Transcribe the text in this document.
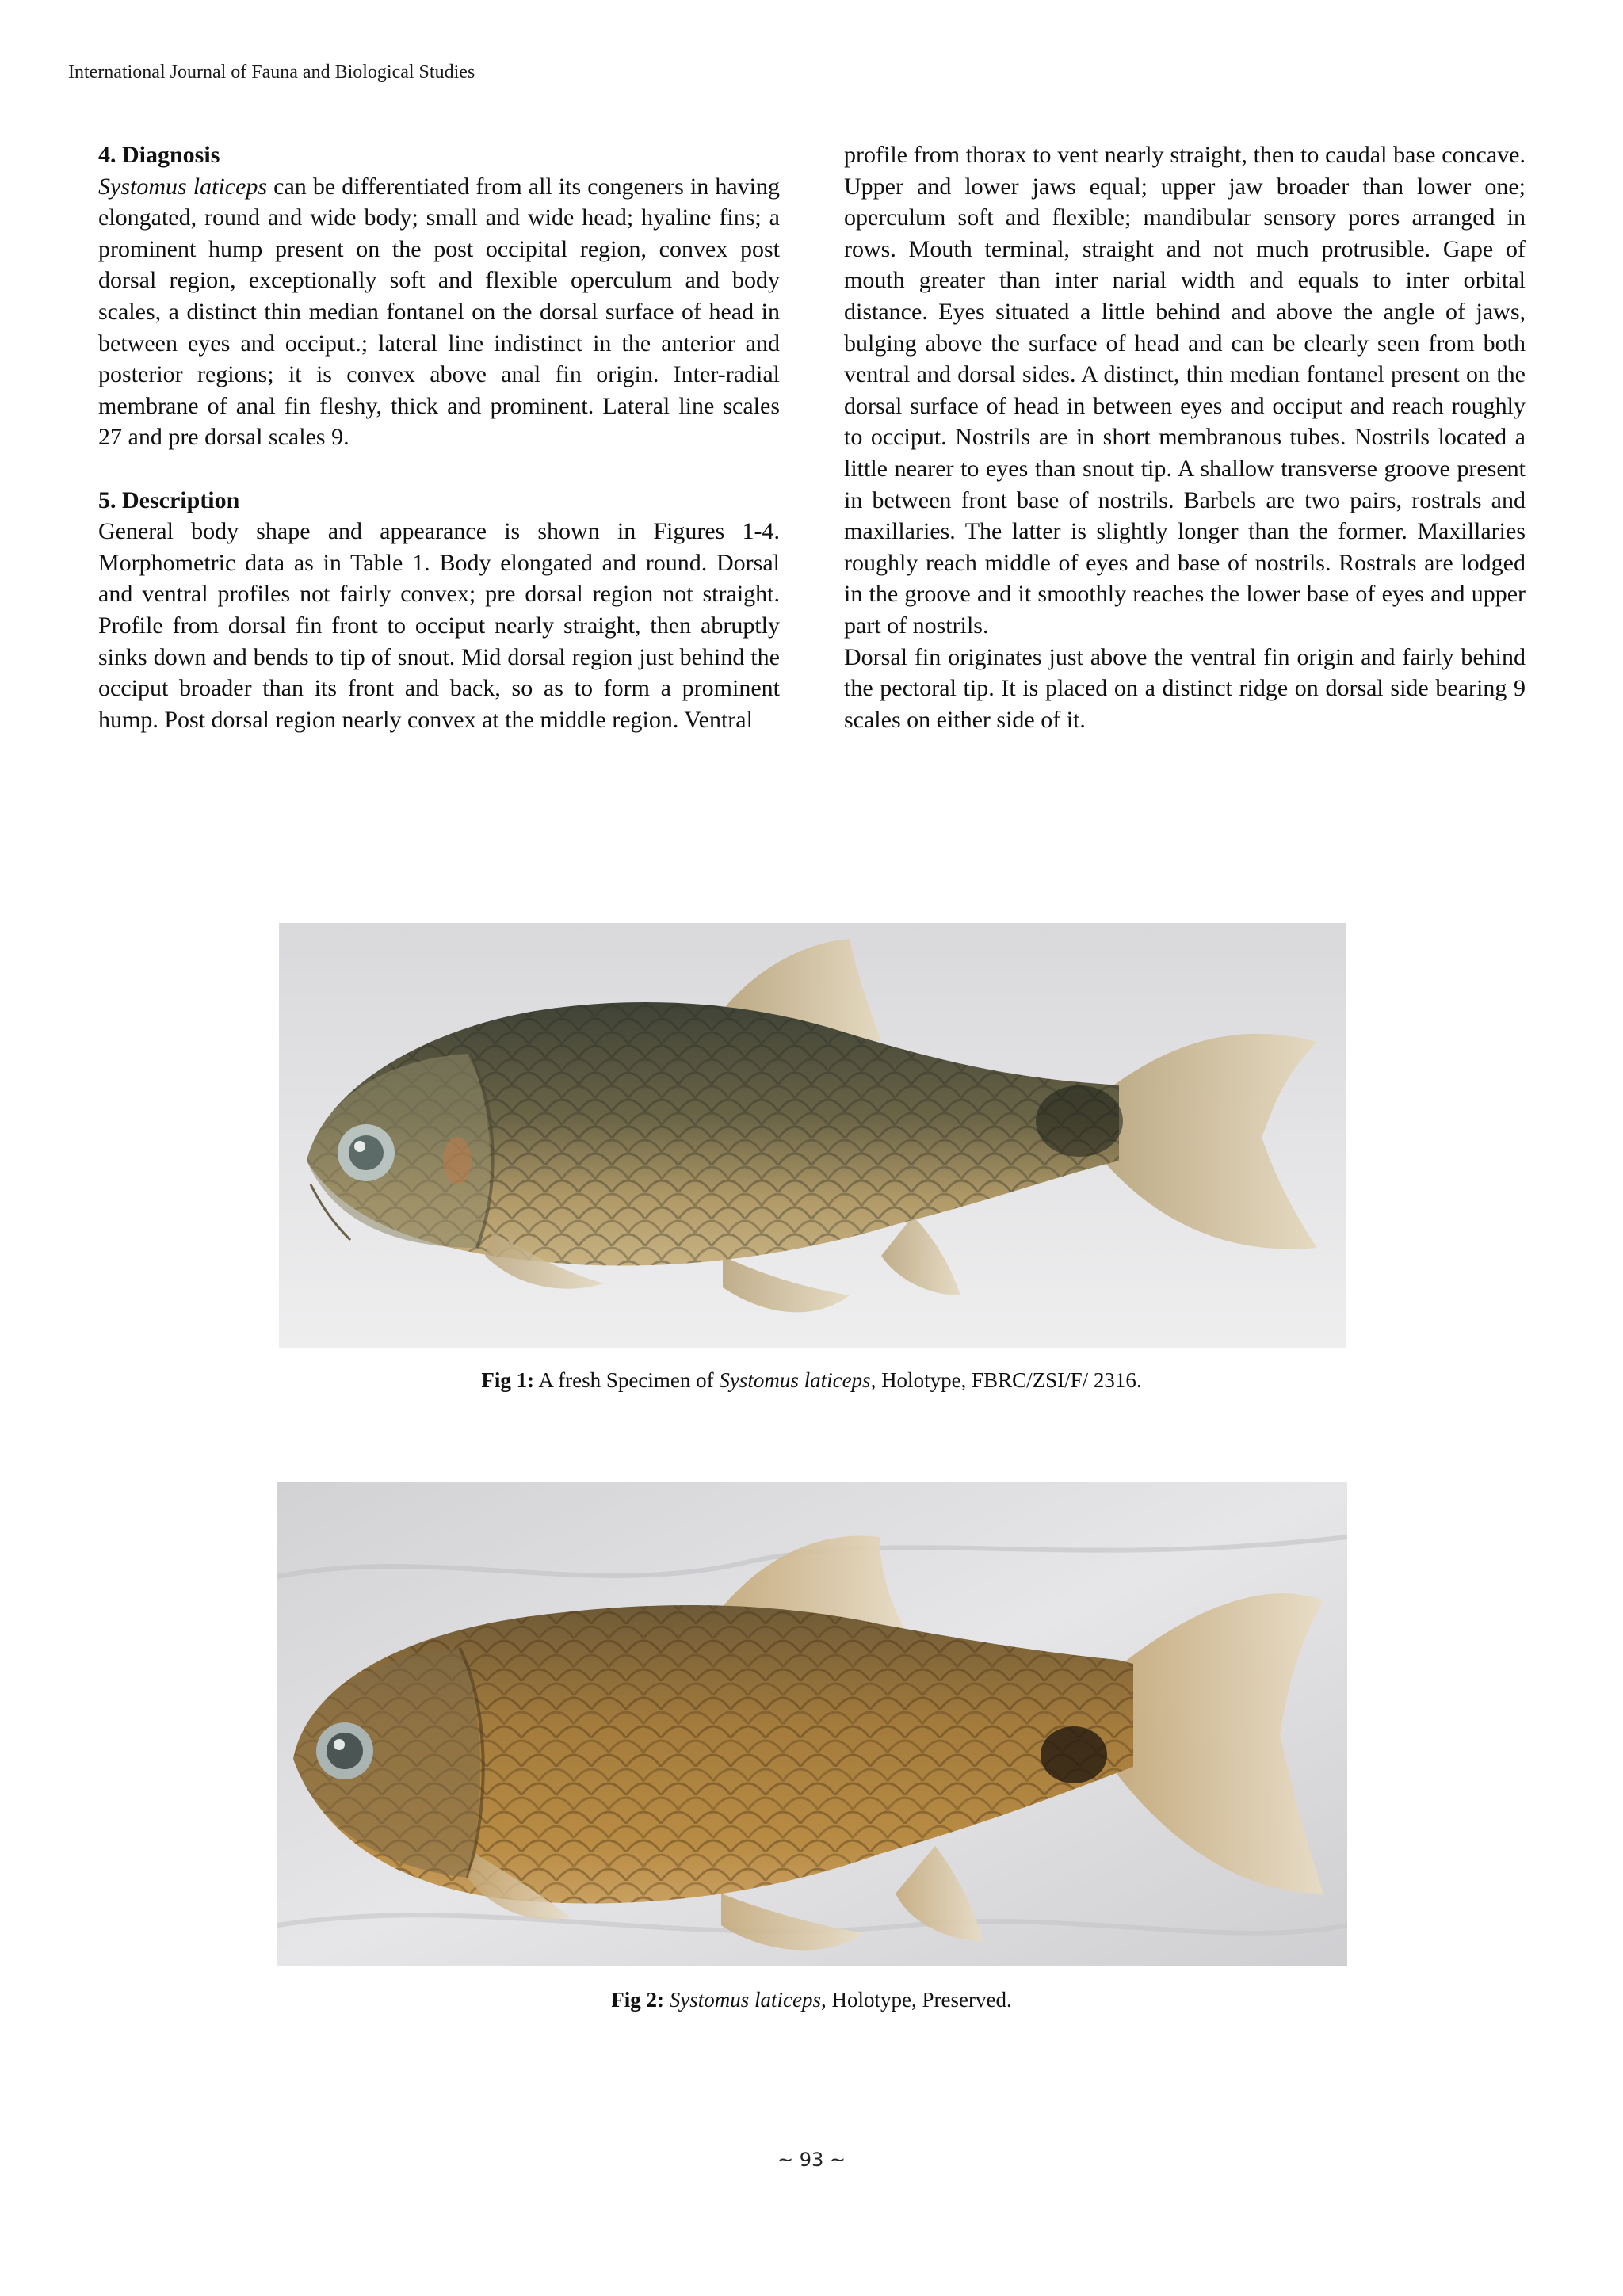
International Journal of Fauna and Biological Studies
4. Diagnosis

Systomus laticeps can be differentiated from all its congeners in having elongated, round and wide body; small and wide head; hyaline fins; a prominent hump present on the post occipital region, convex post dorsal region, exceptionally soft and flexible operculum and body scales, a distinct thin median fontanel on the dorsal surface of head in between eyes and occiput.; lateral line indistinct in the anterior and posterior regions; it is convex above anal fin origin. Inter-radial membrane of anal fin fleshy, thick and prominent. Lateral line scales 27 and pre dorsal scales 9.

5. Description

General body shape and appearance is shown in Figures 1-4. Morphometric data as in Table 1. Body elongated and round. Dorsal and ventral profiles not fairly convex; pre dorsal region not straight. Profile from dorsal fin front to occiput nearly straight, then abruptly sinks down and bends to tip of snout. Mid dorsal region just behind the occiput broader than its front and back, so as to form a prominent hump. Post dorsal region nearly convex at the middle region. Ventral

profile from thorax to vent nearly straight, then to caudal base concave. Upper and lower jaws equal; upper jaw broader than lower one; operculum soft and flexible; mandibular sensory pores arranged in rows. Mouth terminal, straight and not much protrusible. Gape of mouth greater than inter narial width and equals to inter orbital distance. Eyes situated a little behind and above the angle of jaws, bulging above the surface of head and can be clearly seen from both ventral and dorsal sides. A distinct, thin median fontanel present on the dorsal surface of head in between eyes and occiput and reach roughly to occiput. Nostrils are in short membranous tubes. Nostrils located a little nearer to eyes than snout tip. A shallow transverse groove present in between front base of nostrils. Barbels are two pairs, rostrals and maxillaries. The latter is slightly longer than the former. Maxillaries roughly reach middle of eyes and base of nostrils. Rostrals are lodged in the groove and it smoothly reaches the lower base of eyes and upper part of nostrils.

Dorsal fin originates just above the ventral fin origin and fairly behind the pectoral tip. It is placed on a distinct ridge on dorsal side bearing 9 scales on either side of it.

Fig 1: A fresh Specimen of Systomus laticeps, Holotype, FBRC/ZSI/F/ 2316.
Fig 2: Systomus laticeps, Holotype, Preserved.
~ 93 ~
